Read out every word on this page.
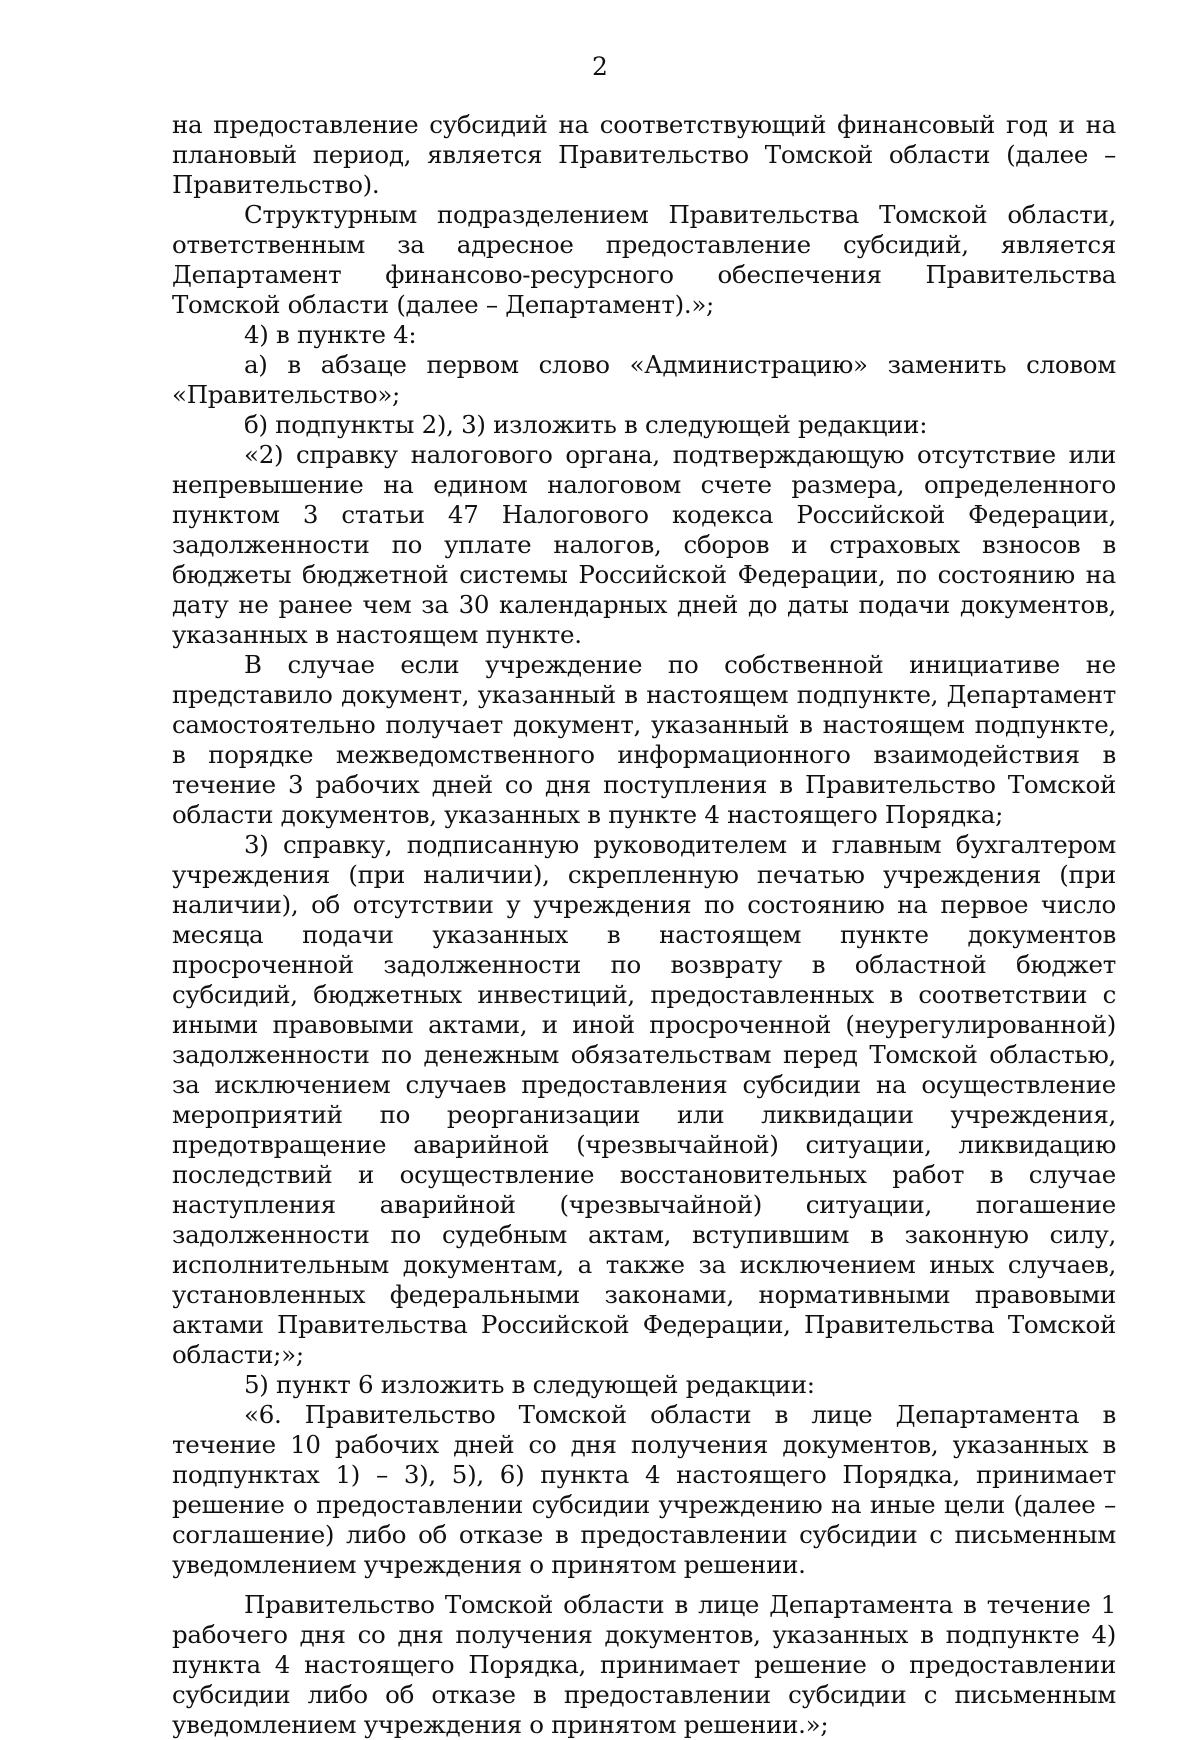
2

на предоставление субсидий на соответствующий финансовый год и на плановый период, является Правительство Томской области (далее – Правительство).

Структурным подразделением Правительства Томской области, ответственным за адресное предоставление субсидий, является Департамент финансово-ресурсного обеспечения Правительства Томской области (далее – Департамент).»;

4) в пункте 4:

а) в абзаце первом слово «Администрацию» заменить словом «Правительство»;

б) подпункты 2), 3) изложить в следующей редакции:

«2) справку налогового органа, подтверждающую отсутствие или непревышение на едином налоговом счете размера, определенного пунктом 3 статьи 47 Налогового кодекса Российской Федерации, задолженности по уплате налогов, сборов и страховых взносов в бюджеты бюджетной системы Российской Федерации, по состоянию на дату не ранее чем за 30 календарных дней до даты подачи документов, указанных в настоящем пункте.

В случае если учреждение по собственной инициативе не представило документ, указанный в настоящем подпункте, Департамент самостоятельно получает документ, указанный в настоящем подпункте, в порядке межведомственного информационного взаимодействия в течение 3 рабочих дней со дня поступления в Правительство Томской области документов, указанных в пункте 4 настоящего Порядка;

3) справку, подписанную руководителем и главным бухгалтером учреждения (при наличии), скрепленную печатью учреждения (при наличии), об отсутствии у учреждения по состоянию на первое число месяца подачи указанных в настоящем пункте документов просроченной задолженности по возврату в областной бюджет субсидий, бюджетных инвестиций, предоставленных в соответствии с иными правовыми актами, и иной просроченной (неурегулированной) задолженности по денежным обязательствам перед Томской областью, за исключением случаев предоставления субсидии на осуществление мероприятий по реорганизации или ликвидации учреждения, предотвращение аварийной (чрезвычайной) ситуации, ликвидацию последствий и осуществление восстановительных работ в случае наступления аварийной (чрезвычайной) ситуации, погашение задолженности по судебным актам, вступившим в законную силу, исполнительным документам, а также за исключением иных случаев, установленных федеральными законами, нормативными правовыми актами Правительства Российской Федерации, Правительства Томской области;»;

5) пункт 6 изложить в следующей редакции:

«6. Правительство Томской области в лице Департамента в течение 10 рабочих дней со дня получения документов, указанных в подпунктах 1) – 3), 5), 6) пункта 4 настоящего Порядка, принимает решение о предоставлении субсидии учреждению на иные цели (далее – соглашение) либо об отказе в предоставлении субсидии с письменным уведомлением учреждения о принятом решении.

Правительство Томской области в лице Департамента в течение 1 рабочего дня со дня получения документов, указанных в подпункте 4) пункта 4 настоящего Порядка, принимает решение о предоставлении субсидии либо об отказе в предоставлении субсидии с письменным уведомлением учреждения о принятом решении.»;
